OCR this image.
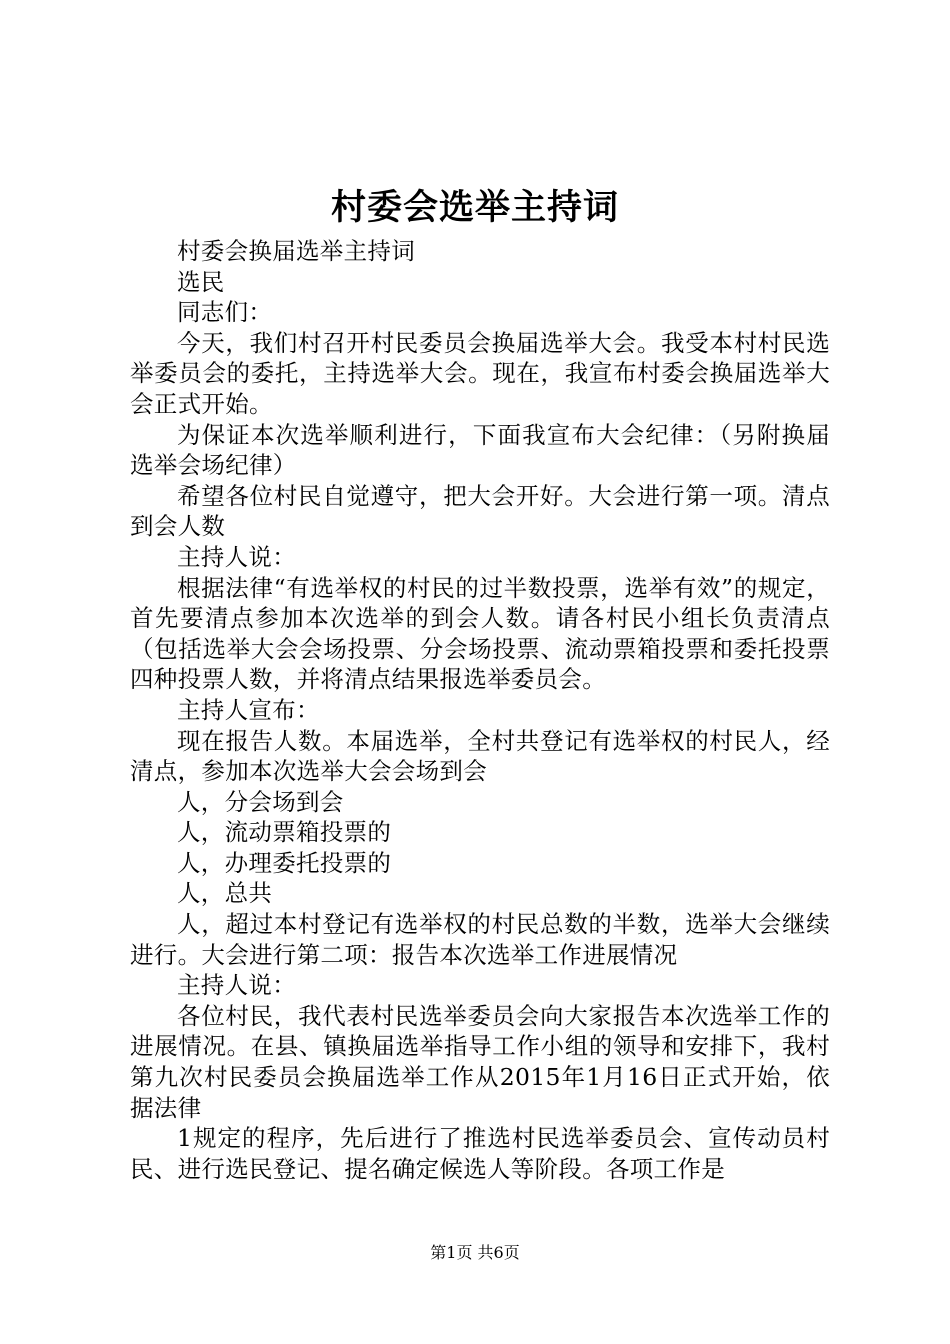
村委会选举主持词

村委会换届选举主持词

选民

同志们：

今天，我们村召开村民委员会换届选举大会。我受本村村民选举委员会的委托，主持选举大会。现在，我宣布村委会换届选举大会正式开始。

为保证本次选举顺利进行，下面我宣布大会纪律：（另附换届选举会场纪律）

希望各位村民自觉遵守，把大会开好。大会进行第一项。清点到会人数

主持人说：

根据法律“有选举权的村民的过半数投票，选举有效”的规定，首先要清点参加本次选举的到会人数。请各村民小组长负责清点（包括选举大会会场投票、分会场投票、流动票箱投票和委托投票四种投票人数，并将清点结果报选举委员会。

主持人宣布：

现在报告人数。本届选举，全村共登记有选举权的村民人，经清点，参加本次选举大会会场到会

人，分会场到会

人，流动票箱投票的

人，办理委托投票的

人，总共

人，超过本村登记有选举权的村民总数的半数，选举大会继续进行。大会进行第二项：报告本次选举工作进展情况

主持人说：

各位村民，我代表村民选举委员会向大家报告本次选举工作的进展情况。在县、镇换届选举指导工作小组的领导和安排下，我村第九次村民委员会换届选举工作从2015年1月16日正式开始，依据法律

1规定的程序，先后进行了推选村民选举委员会、宣传动员村民、进行选民登记、提名确定候选人等阶段。各项工作是

第1页 共6页
